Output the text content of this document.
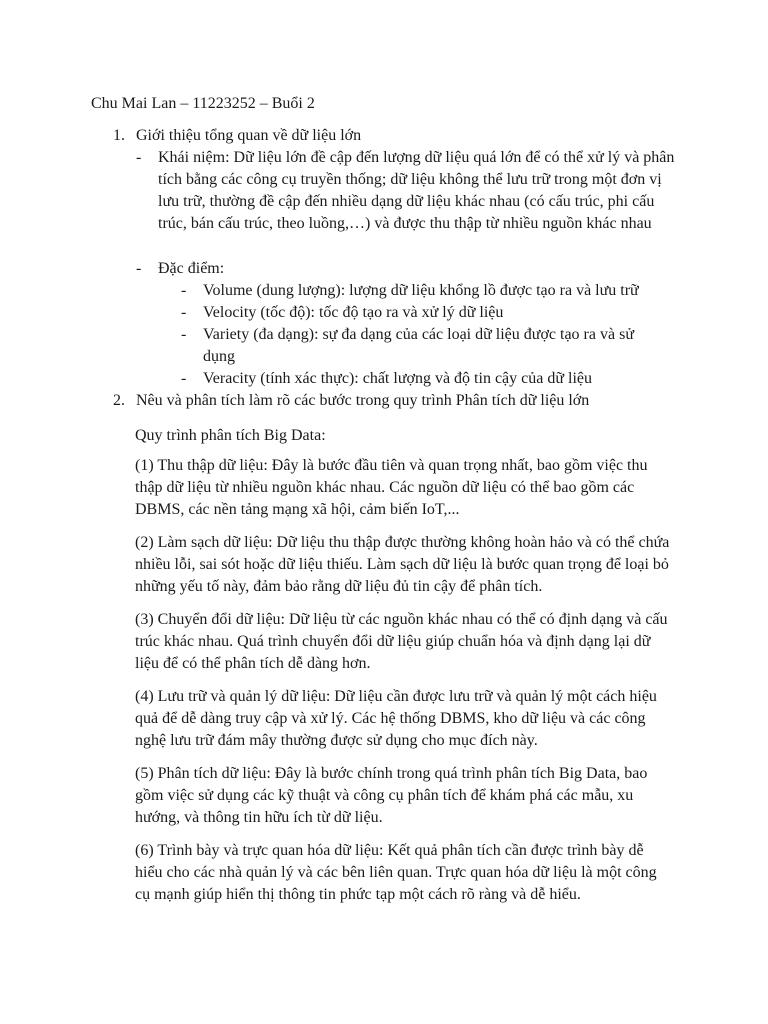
Chu Mai Lan – 11223252 – Buổi 2
1. Giới thiệu tổng quan về dữ liệu lớn
- Khái niệm: Dữ liệu lớn đề cập đến lượng dữ liệu quá lớn để có thể xử lý và phân tích bằng các công cụ truyền thống; dữ liệu không thể lưu trữ trong một đơn vị lưu trữ, thường đề cập đến nhiều dạng dữ liệu khác nhau (có cấu trúc, phi cấu trúc, bán cấu trúc, theo luồng,…) và được thu thập từ nhiều nguồn khác nhau
- Đặc điểm:
- Volume (dung lượng): lượng dữ liệu khổng lồ được tạo ra và lưu trữ
- Velocity (tốc độ): tốc độ tạo ra và xử lý dữ liệu
- Variety (đa dạng): sự đa dạng của các loại dữ liệu được tạo ra và sử dụng
- Veracity (tính xác thực): chất lượng và độ tin cậy của dữ liệu
2. Nêu và phân tích làm rõ các bước trong quy trình Phân tích dữ liệu lớn
Quy trình phân tích Big Data:
(1) Thu thập dữ liệu: Đây là bước đầu tiên và quan trọng nhất, bao gồm việc thu thập dữ liệu từ nhiều nguồn khác nhau. Các nguồn dữ liệu có thể bao gồm các DBMS, các nền tảng mạng xã hội, cảm biến IoT,...
(2) Làm sạch dữ liệu: Dữ liệu thu thập được thường không hoàn hảo và có thể chứa nhiều lỗi, sai sót hoặc dữ liệu thiếu. Làm sạch dữ liệu là bước quan trọng để loại bỏ những yếu tố này, đảm bảo rằng dữ liệu đủ tin cậy để phân tích.
(3) Chuyển đổi dữ liệu: Dữ liệu từ các nguồn khác nhau có thể có định dạng và cấu trúc khác nhau. Quá trình chuyển đổi dữ liệu giúp chuẩn hóa và định dạng lại dữ liệu để có thể phân tích dễ dàng hơn.
(4) Lưu trữ và quản lý dữ liệu: Dữ liệu cần được lưu trữ và quản lý một cách hiệu quả để dễ dàng truy cập và xử lý. Các hệ thống DBMS, kho dữ liệu và các công nghệ lưu trữ đám mây thường được sử dụng cho mục đích này.
(5) Phân tích dữ liệu: Đây là bước chính trong quá trình phân tích Big Data, bao gồm việc sử dụng các kỹ thuật và công cụ phân tích để khám phá các mẫu, xu hướng, và thông tin hữu ích từ dữ liệu.
(6) Trình bày và trực quan hóa dữ liệu: Kết quả phân tích cần được trình bày dễ hiểu cho các nhà quản lý và các bên liên quan. Trực quan hóa dữ liệu là một công cụ mạnh giúp hiển thị thông tin phức tạp một cách rõ ràng và dễ hiểu.
